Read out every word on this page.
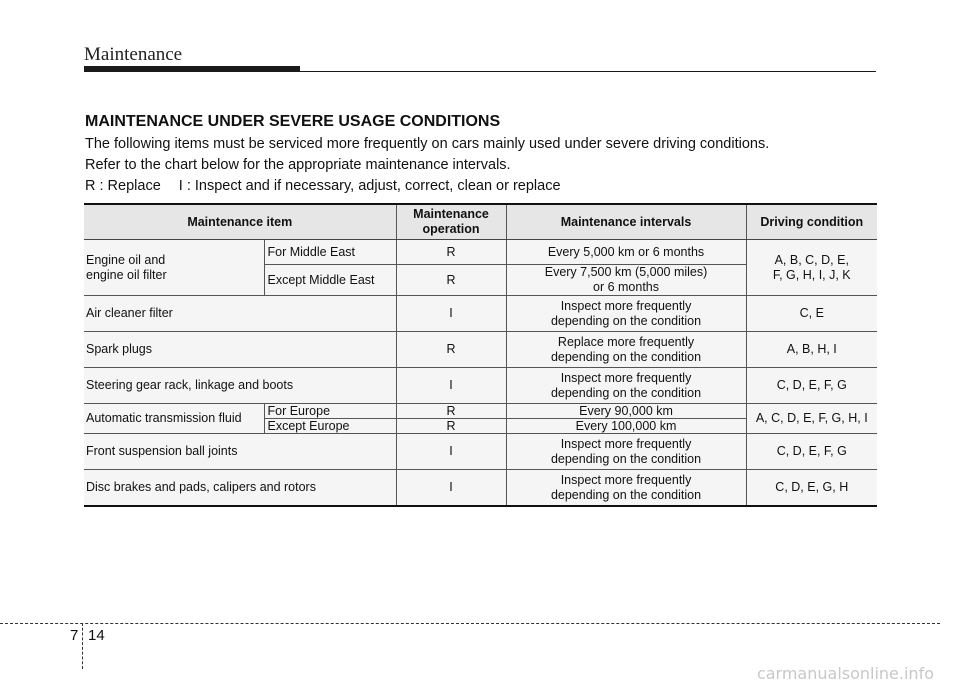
Maintenance
MAINTENANCE UNDER SEVERE USAGE CONDITIONS
The following items must be serviced more frequently on cars mainly used under severe driving conditions.
Refer to the chart below for the appropriate maintenance intervals.
R : Replace I : Inspect and if necessary, adjust, correct, clean or replace
Maintenance item		Maintenance
operation	Maintenance intervals	Driving condition
Engine oil and
engine oil filter	For Middle East	R	Every 5,000 km or 6 months	A, B, C, D, E,
F, G, H, I, J, K
	Except Middle East	R	Every 7,500 km (5,000 miles)
or 6 months	
Air cleaner filter		I	Inspect more frequently
depending on the condition	C, E
Spark plugs		R	Replace more frequently
depending on the condition	A, B, H, I
Steering gear rack, linkage and boots		I	Inspect more frequently
depending on the condition	C, D, E, F, G
Automatic transmission fluid	For Europe	R	Every 90,000 km	A, C, D, E, F, G, H, I
	Except Europe	R	Every 100,000 km	
Front suspension ball joints		I	Inspect more frequently
depending on the condition	C, D, E, F, G
Disc brakes and pads, calipers and rotors		I	Inspect more frequently
depending on the condition	C, D, E, G, H
7 14
carmanualsonline.info
